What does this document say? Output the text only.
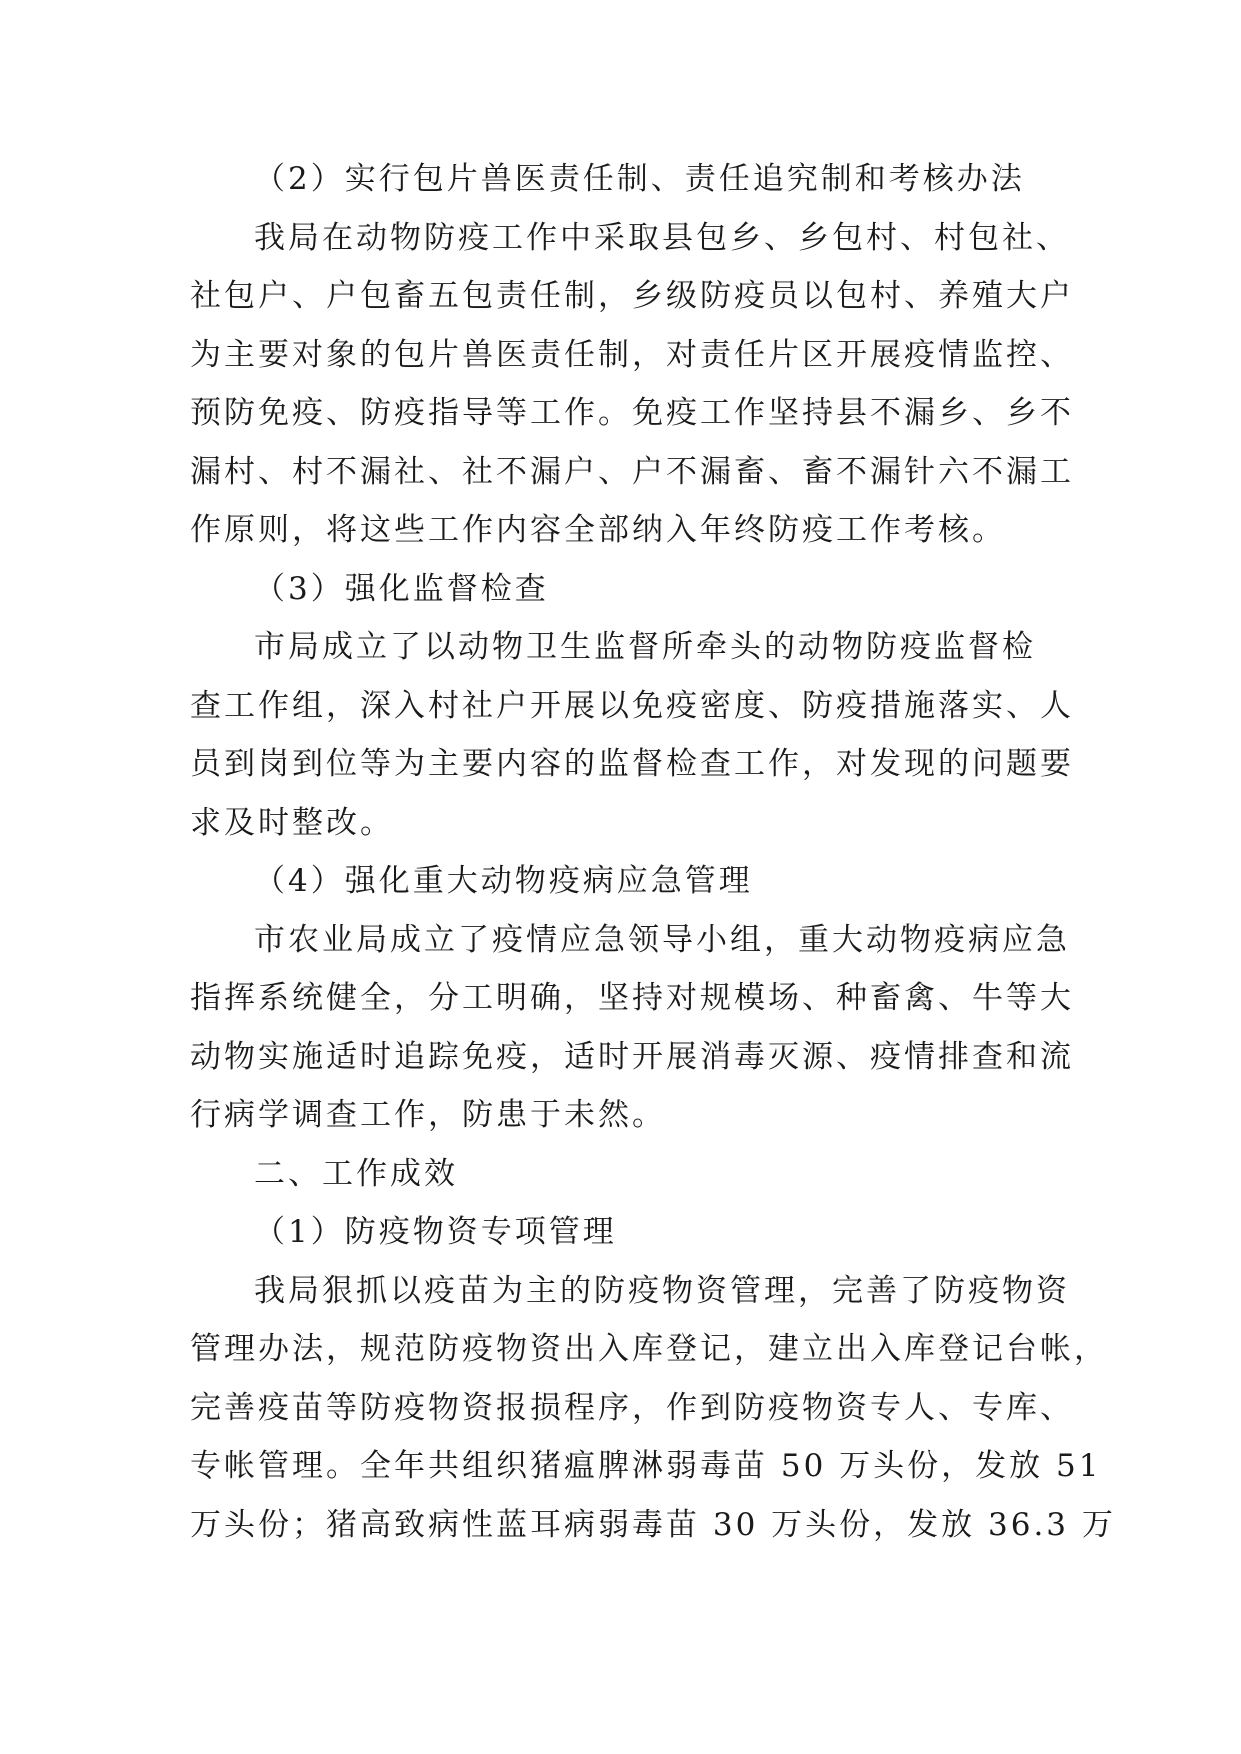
（2）实行包片兽医责任制、责任追究制和考核办法
我局在动物防疫工作中采取县包乡、乡包村、村包社、
社包户、户包畜五包责任制，乡级防疫员以包村、养殖大户
为主要对象的包片兽医责任制，对责任片区开展疫情监控、
预防免疫、防疫指导等工作。免疫工作坚持县不漏乡、乡不
漏村、村不漏社、社不漏户、户不漏畜、畜不漏针六不漏工
作原则，将这些工作内容全部纳入年终防疫工作考核。
（3）强化监督检查
市局成立了以动物卫生监督所牵头的动物防疫监督检
查工作组，深入村社户开展以免疫密度、防疫措施落实、人
员到岗到位等为主要内容的监督检查工作，对发现的问题要
求及时整改。
（4）强化重大动物疫病应急管理
市农业局成立了疫情应急领导小组，重大动物疫病应急
指挥系统健全，分工明确，坚持对规模场、种畜禽、牛等大
动物实施适时追踪免疫，适时开展消毒灭源、疫情排查和流
行病学调查工作，防患于未然。
二、工作成效
（1）防疫物资专项管理
我局狠抓以疫苗为主的防疫物资管理，完善了防疫物资
管理办法，规范防疫物资出入库登记，建立出入库登记台帐，
完善疫苗等防疫物资报损程序，作到防疫物资专人、专库、
专帐管理。全年共组织猪瘟脾淋弱毒苗 50 万头份，发放 51
万头份；猪高致病性蓝耳病弱毒苗 30 万头份，发放 36.3 万
